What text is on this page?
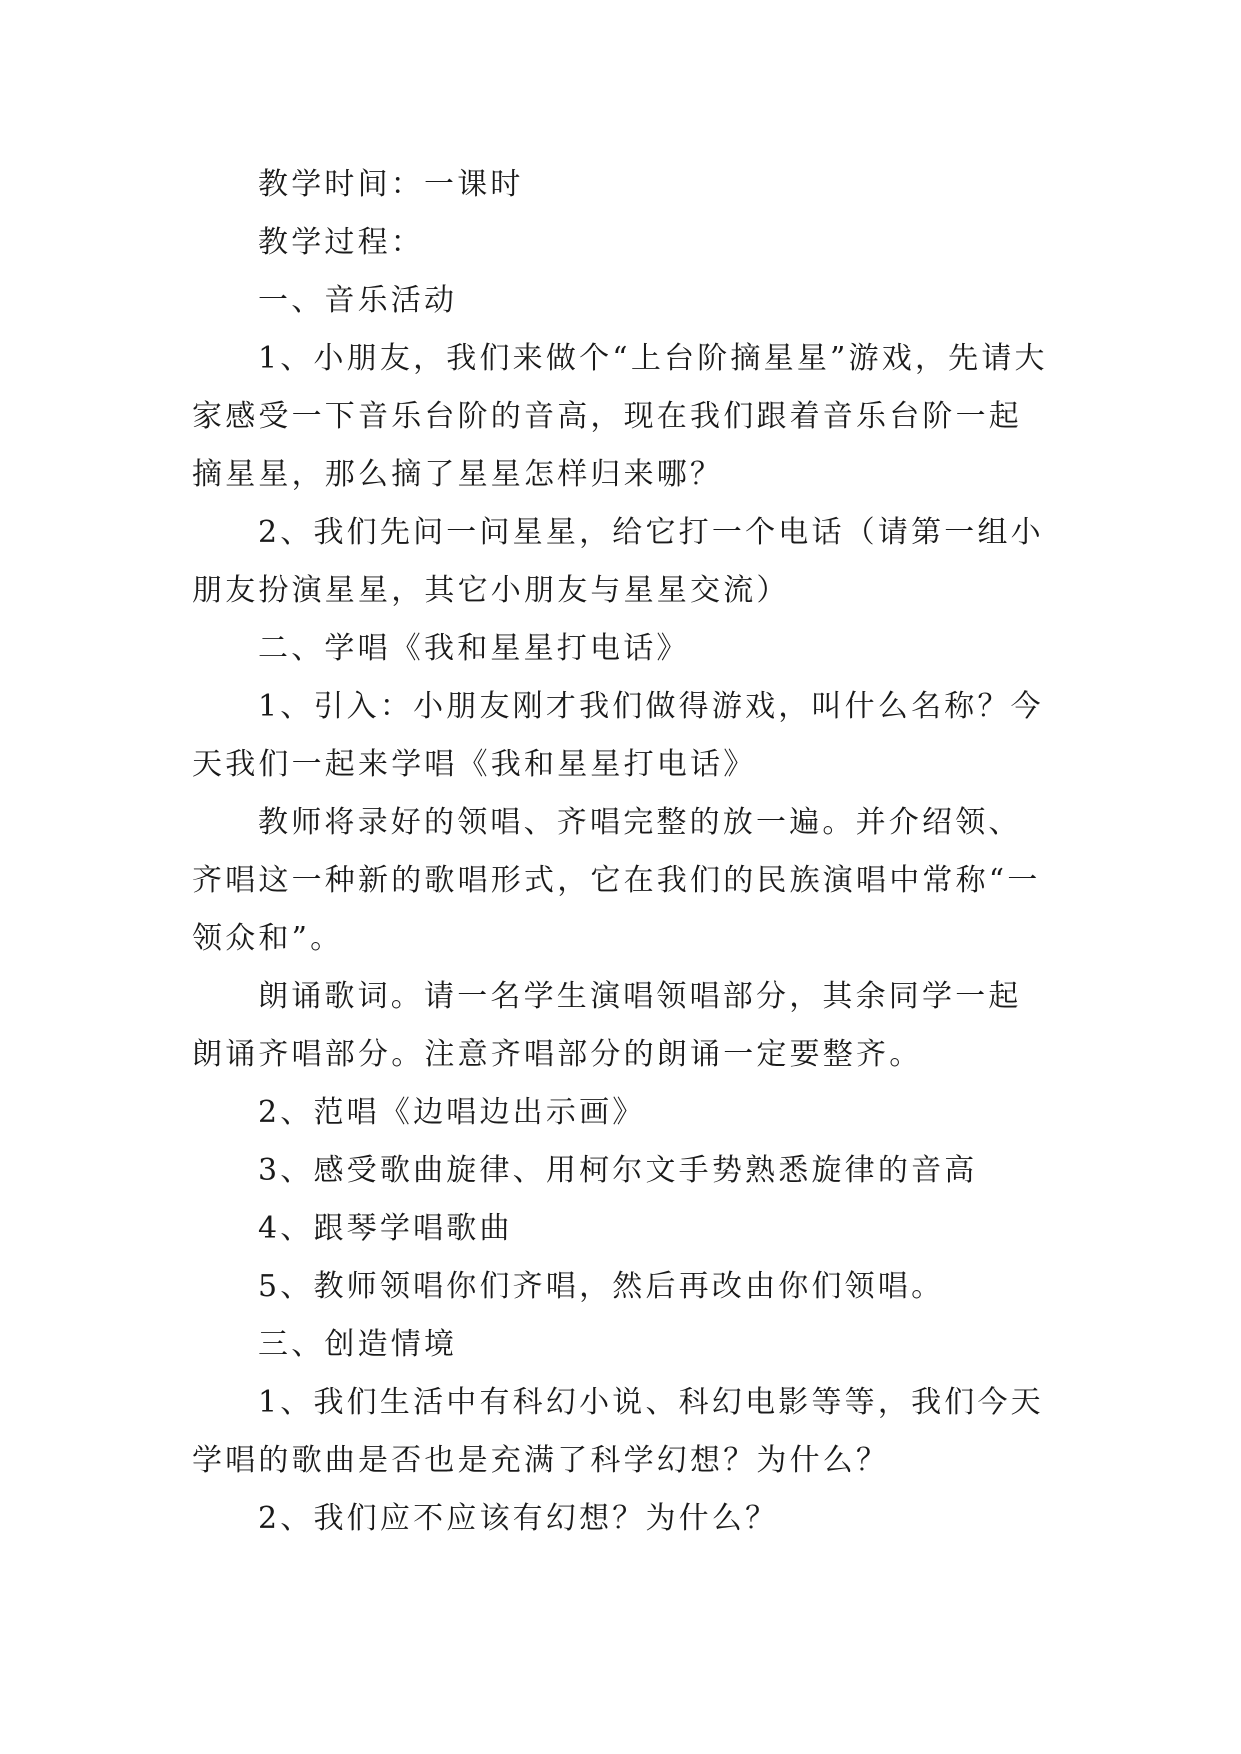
教学时间：一课时

教学过程：

一、音乐活动

1、小朋友，我们来做个“上台阶摘星星”游戏，先请大家感受一下音乐台阶的音高，现在我们跟着音乐台阶一起摘星星，那么摘了星星怎样归来哪？

2、我们先问一问星星，给它打一个电话（请第一组小朋友扮演星星，其它小朋友与星星交流）

二、学唱《我和星星打电话》

1、引入：小朋友刚才我们做得游戏，叫什么名称？今天我们一起来学唱《我和星星打电话》

教师将录好的领唱、齐唱完整的放一遍。并介绍领、齐唱这一种新的歌唱形式，它在我们的民族演唱中常称“一领众和”。

朗诵歌词。请一名学生演唱领唱部分，其余同学一起朗诵齐唱部分。注意齐唱部分的朗诵一定要整齐。

2、范唱《边唱边出示画》

3、感受歌曲旋律、用柯尔文手势熟悉旋律的音高

4、跟琴学唱歌曲

5、教师领唱你们齐唱，然后再改由你们领唱。

三、创造情境

1、我们生活中有科幻小说、科幻电影等等，我们今天学唱的歌曲是否也是充满了科学幻想？为什么？

2、我们应不应该有幻想？为什么？
